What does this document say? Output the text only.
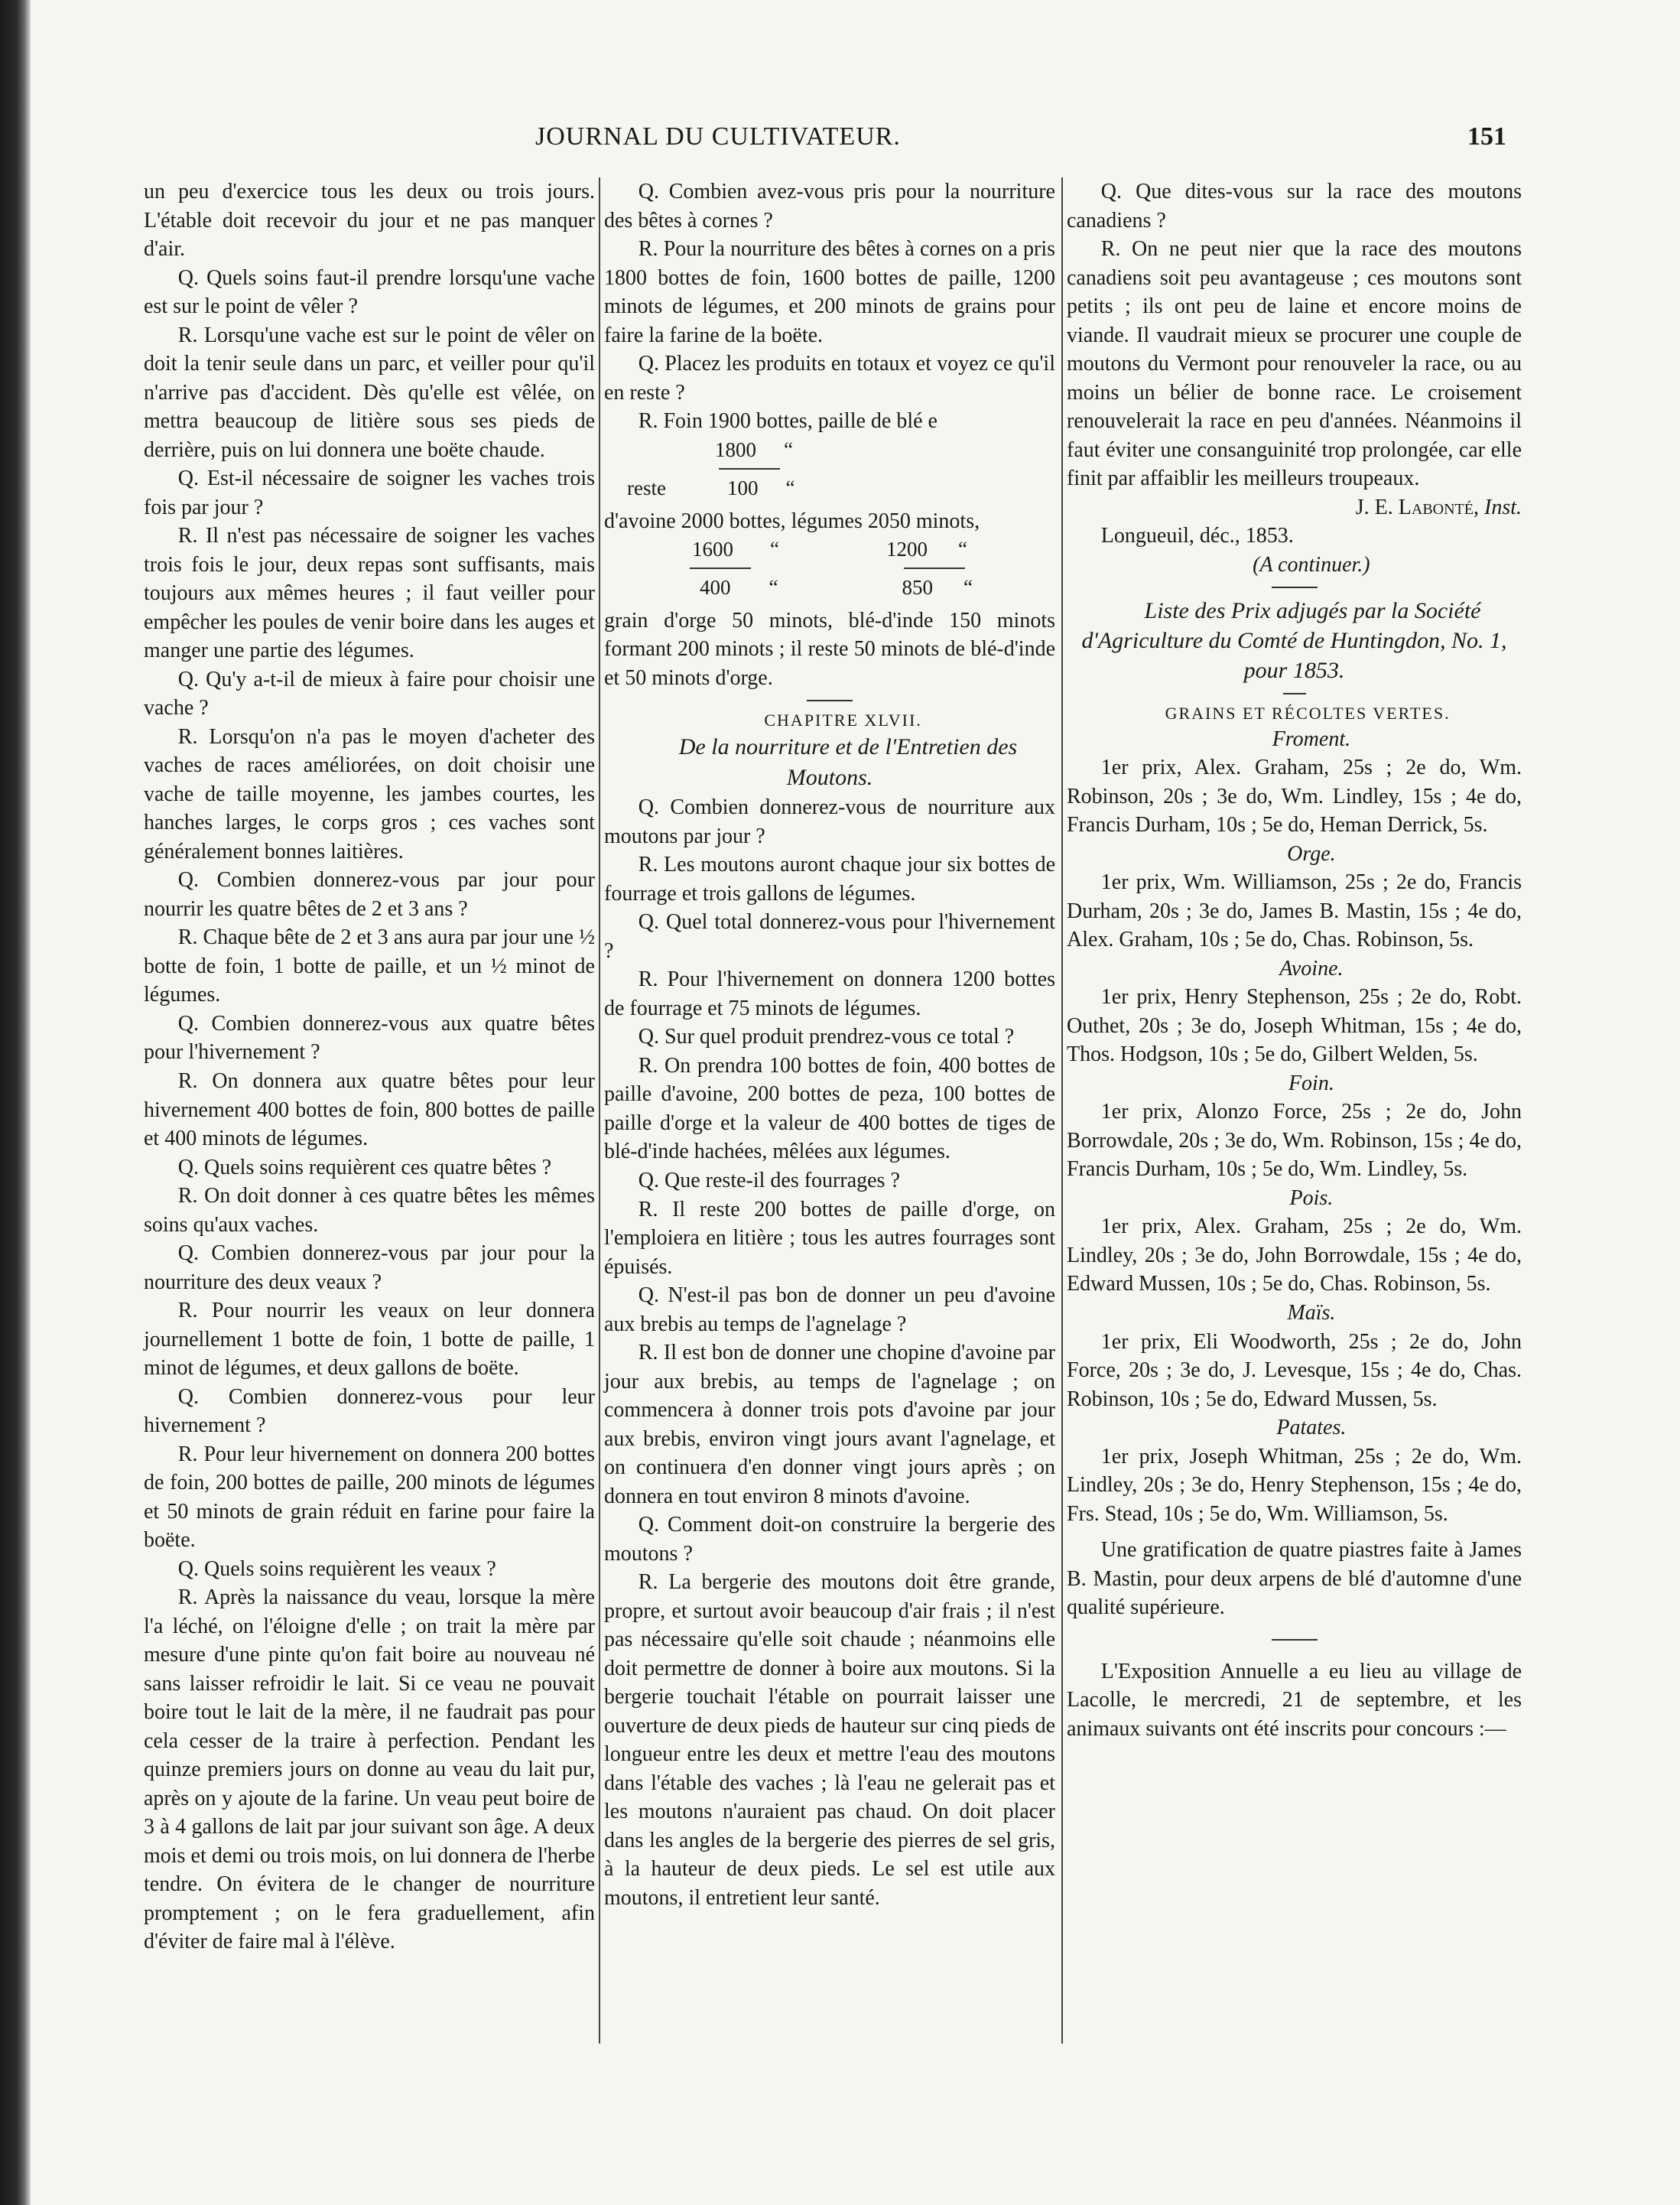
JOURNAL DU CULTIVATEUR.	151

un peu d'exercice tous les deux ou trois jours. L'étable doit recevoir du jour et ne pas manquer d'air.

Q. Quels soins faut-il prendre lorsqu'une vache est sur le point de vêler ?

R. Lorsqu'une vache est sur le point de vêler on doit la tenir seule dans un parc, et veiller pour qu'il n'arrive pas d'accident. Dès qu'elle est vêlée, on mettra beaucoup de litière sous ses pieds de derrière, puis on lui donnera une boëte chaude.

Q. Est-il nécessaire de soigner les vaches trois fois par jour ?

R. Il n'est pas nécessaire de soigner les vaches trois fois le jour, deux repas sont suffisants, mais toujours aux mêmes heures ; il faut veiller pour empêcher les poules de venir boire dans les auges et manger une partie des légumes.

Q. Qu'y a-t-il de mieux à faire pour choisir une vache ?

R. Lorsqu'on n'a pas le moyen d'acheter des vaches de races améliorées, on doit choisir une vache de taille moyenne, les jambes courtes, les hanches larges, le corps gros ; ces vaches sont généralement bonnes laitières.

Q. Combien donnerez-vous par jour pour nourrir les quatre bêtes de 2 et 3 ans ?

R. Chaque bête de 2 et 3 ans aura par jour une ½ botte de foin, 1 botte de paille, et un ½ minot de légumes.

Q. Combien donnerez-vous aux quatre bêtes pour l'hivernement ?

R. On donnera aux quatre bêtes pour leur hivernement 400 bottes de foin, 800 bottes de paille et 400 minots de légumes.

Q. Quels soins requièrent ces quatre bêtes ?

R. On doit donner à ces quatre bêtes les mêmes soins qu'aux vaches.

Q. Combien donnerez-vous par jour pour la nourriture des deux veaux ?

R. Pour nourrir les veaux on leur donnera journellement 1 botte de foin, 1 botte de paille, 1 minot de légumes, et deux gallons de boëte.

Q. Combien donnerez-vous pour leur hivernement ?

R. Pour leur hivernement on donnera 200 bottes de foin, 200 bottes de paille, 200 minots de légumes et 50 minots de grain réduit en farine pour faire la boëte.

Q. Quels soins requièrent les veaux ?

R. Après la naissance du veau, lorsque la mère l'a léché, on l'éloigne d'elle ; on trait la mère par mesure d'une pinte qu'on fait boire au nouveau né sans laisser refroidir le lait. Si ce veau ne pouvait boire tout le lait de la mère, il ne faudrait pas pour cela cesser de la traire à perfection. Pendant les quinze premiers jours on donne au veau du lait pur, après on y ajoute de la farine. Un veau peut boire de 3 à 4 gallons de lait par jour suivant son âge. A deux mois et demi ou trois mois, on lui donnera de l'herbe tendre. On évitera de le changer de nourriture promptement ; on le fera graduellement, afin d'éviter de faire mal à l'élève.

Q. Combien avez-vous pris pour la nourriture des bêtes à cornes ?

R. Pour la nourriture des bêtes à cornes on a pris 1800 bottes de foin, 1600 bottes de paille, 1200 minots de légumes, et 200 minots de grains pour faire la farine de la boëte.

Q. Placez les produits en totaux et voyez ce qu'il en reste ?

R. Foin 1900 bottes, paille de blé e

1800 “
reste	100 “

d'avoine 2000 bottes, légumes 2050 minots,

1600 “	1200 “
400 “	850 “

grain d'orge 50 minots, blé-d'inde 150 minots formant 200 minots ; il reste 50 minots de blé-d'inde et 50 minots d'orge.

CHAPITRE XLVII.

De la nourriture et de l'Entretien des Moutons.

Q. Combien donnerez-vous de nourriture aux moutons par jour ?

R. Les moutons auront chaque jour six bottes de fourrage et trois gallons de légumes.

Q. Quel total donnerez-vous pour l'hivernement ?

R. Pour l'hivernement on donnera 1200 bottes de fourrage et 75 minots de légumes.

Q. Sur quel produit prendrez-vous ce total ?

R. On prendra 100 bottes de foin, 400 bottes de paille d'avoine, 200 bottes de peza, 100 bottes de paille d'orge et la valeur de 400 bottes de tiges de blé-d'inde hachées, mêlées aux légumes.

Q. Que reste-il des fourrages ?

R. Il reste 200 bottes de paille d'orge, on l'emploiera en litière ; tous les autres fourrages sont épuisés.

Q. N'est-il pas bon de donner un peu d'avoine aux brebis au temps de l'agnelage ?

R. Il est bon de donner une chopine d'avoine par jour aux brebis, au temps de l'agnelage ; on commencera à donner trois pots d'avoine par jour aux brebis, environ vingt jours avant l'agnelage, et on continuera d'en donner vingt jours après ; on donnera en tout environ 8 minots d'avoine.

Q. Comment doit-on construire la bergerie des moutons ?

R. La bergerie des moutons doit être grande, propre, et surtout avoir beaucoup d'air frais ; il n'est pas nécessaire qu'elle soit chaude ; néanmoins elle doit permettre de donner à boire aux moutons. Si la bergerie touchait l'étable on pourrait laisser une ouverture de deux pieds de hauteur sur cinq pieds de longueur entre les deux et mettre l'eau des moutons dans l'étable des vaches ; là l'eau ne gelerait pas et les moutons n'auraient pas chaud. On doit placer dans les angles de la bergerie des pierres de sel gris, à la hauteur de deux pieds. Le sel est utile aux moutons, il entretient leur santé.

Q. Que dites-vous sur la race des moutons canadiens ?

R. On ne peut nier que la race des moutons canadiens soit peu avantageuse ; ces moutons sont petits ; ils ont peu de laine et encore moins de viande. Il vaudrait mieux se procurer une couple de moutons du Vermont pour renouveler la race, ou au moins un bélier de bonne race. Le croisement renouvelerait la race en peu d'années. Néanmoins il faut éviter une consanguinité trop prolongée, car elle finit par affaiblir les meilleurs troupeaux.

J. E. Labonté, Inst.

Longueuil, déc., 1853.

(A continuer.)

Liste des Prix adjugés par la Société d'Agriculture du Comté de Huntingdon, No. 1, pour 1853.

GRAINS ET RÉCOLTES VERTES.

Froment.

1er prix, Alex. Graham, 25s ; 2e do, Wm. Robinson, 20s ; 3e do, Wm. Lindley, 15s ; 4e do, Francis Durham, 10s ; 5e do, Heman Derrick, 5s.

Orge.

1er prix, Wm. Williamson, 25s ; 2e do, Francis Durham, 20s ; 3e do, James B. Mastin, 15s ; 4e do, Alex. Graham, 10s ; 5e do, Chas. Robinson, 5s.

Avoine.

1er prix, Henry Stephenson, 25s ; 2e do, Robt. Outhet, 20s ; 3e do, Joseph Whitman, 15s ; 4e do, Thos. Hodgson, 10s ; 5e do, Gilbert Welden, 5s.

Foin.

1er prix, Alonzo Force, 25s ; 2e do, John Borrowdale, 20s ; 3e do, Wm. Robinson, 15s ; 4e do, Francis Durham, 10s ; 5e do, Wm. Lindley, 5s.

Pois.

1er prix, Alex. Graham, 25s ; 2e do, Wm. Lindley, 20s ; 3e do, John Borrowdale, 15s ; 4e do, Edward Mussen, 10s ; 5e do, Chas. Robinson, 5s.

Maïs.

1er prix, Eli Woodworth, 25s ; 2e do, John Force, 20s ; 3e do, J. Levesque, 15s ; 4e do, Chas. Robinson, 10s ; 5e do, Edward Mussen, 5s.

Patates.

1er prix, Joseph Whitman, 25s ; 2e do, Wm. Lindley, 20s ; 3e do, Henry Stephenson, 15s ; 4e do, Frs. Stead, 10s ; 5e do, Wm. Williamson, 5s.

Une gratification de quatre piastres faite à James B. Mastin, pour deux arpens de blé d'automne d'une qualité supérieure.

L'Exposition Annuelle a eu lieu au village de Lacolle, le mercredi, 21 de septembre, et les animaux suivants ont été inscrits pour concours :—
